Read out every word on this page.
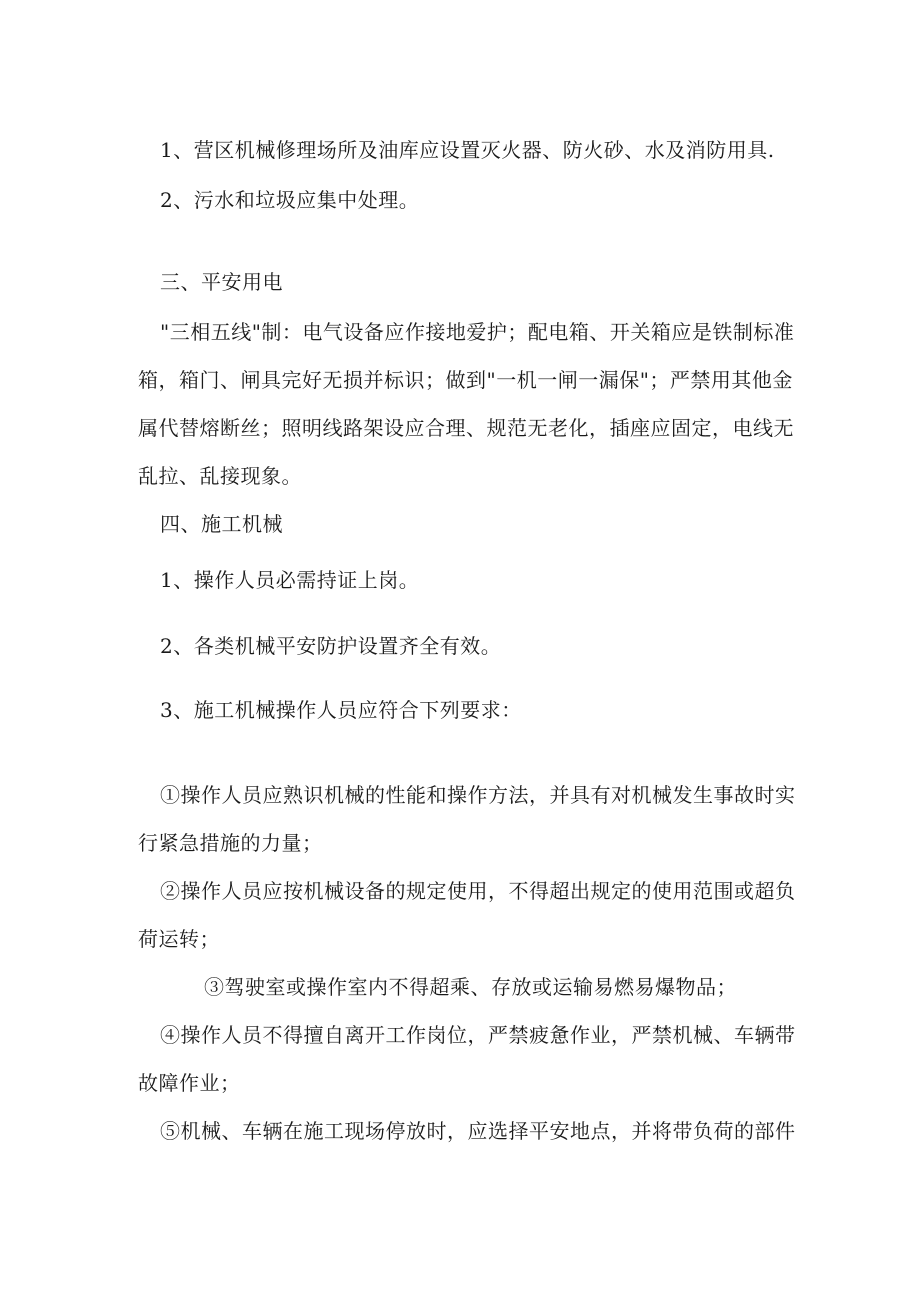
1、营区机械修理场所及油库应设置灭火器、防火砂、水及消防用具.
2、污水和垃圾应集中处理。
三、平安用电
"三相五线"制：电气设备应作接地爱护；配电箱、开关箱应是铁制标准
箱，箱门、闸具完好无损并标识；做到"一机一闸一漏保"；严禁用其他金
属代替熔断丝；照明线路架设应合理、规范无老化，插座应固定，电线无
乱拉、乱接现象。
四、施工机械
1、操作人员必需持证上岗。
2、各类机械平安防护设置齐全有效。
3、施工机械操作人员应符合下列要求：
①操作人员应熟识机械的性能和操作方法，并具有对机械发生事故时实
行紧急措施的力量；
②操作人员应按机械设备的规定使用，不得超出规定的使用范围或超负
荷运转；
③驾驶室或操作室内不得超乘、存放或运输易燃易爆物品；
④操作人员不得擅自离开工作岗位，严禁疲惫作业，严禁机械、车辆带
故障作业；
⑤机械、车辆在施工现场停放时，应选择平安地点，并将带负荷的部件
